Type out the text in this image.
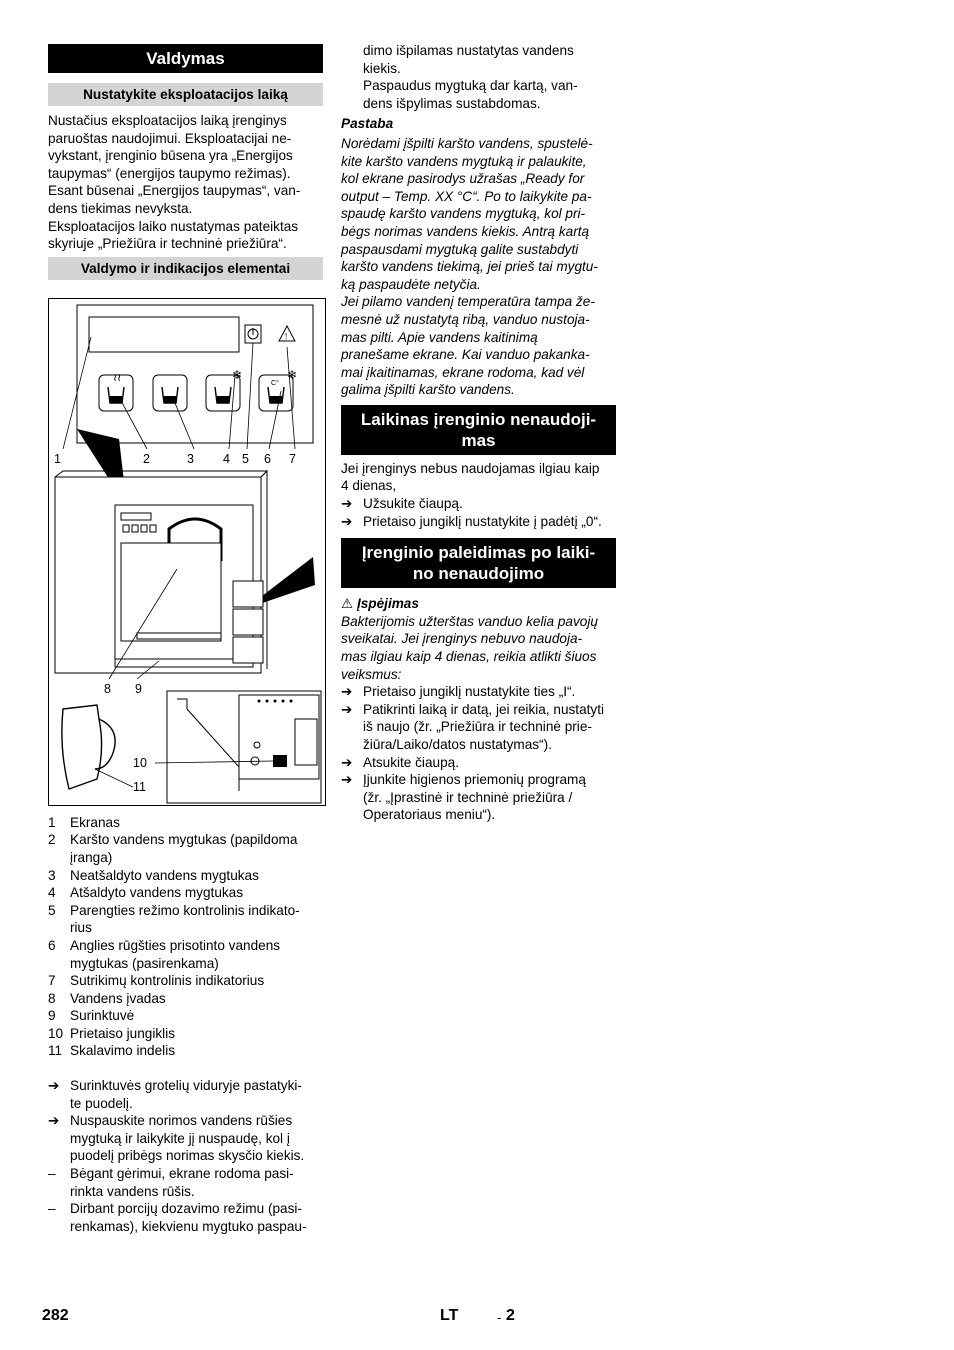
Valdymas
Nustatykite eksploatacijos laiką

Nustačius eksploatacijos laiką įrenginys

paruoštas naudojimui. Eksploatacijai ne-

vykstant, įrenginio būsena yra „Energijos

taupymas“ (energijos taupymo režimas).

Esant būsenai „Energijos taupymas“, van-

dens tiekimas nevyksta.

Eksploatacijos laiko nustatymas pateiktas

skyriuje „Priežiūra ir techninė priežiūra“.

Valdymo ir indikacijos elementai
!
≀≀	❄	❄
C°
1	2	3 4 5 6 7
8 9
10
11
1	Ekranas
2	Karšto vandens mygtukas (papildoma
įranga)
3	Neatšaldyto vandens mygtukas
4	Atšaldyto vandens mygtukas
5	Parengties režimo kontrolinis indikato-
rius
6	Anglies rūgšties prisotinto vandens
mygtukas (pasirenkama)
7	Sutrikimų kontrolinis indikatorius
8	Vandens įvadas
9	Surinktuvė
10 Prietaiso jungiklis
11 Skalavimo indelis
➔ Surinktuvės grotelių viduryje pastatyki-
te puodelį.
➔ Nuspauskite norimos vandens rūšies
mygtuką ir laikykite jį nuspaudę, kol į
puodelį pribėgs norimas skysčio kiekis.
–	Bėgant gėrimui, ekrane rodoma pasi-
rinkta vandens rūšis.
–	Dirbant porcijų dozavimo režimu (pasi-
renkamas), kiekvienu mygtuko paspau-

dimo išpilamas nustatytas vandens

kiekis.

Paspaudus mygtuką dar kartą, van-

dens išpylimas sustabdomas.

Pastaba

Norėdami įšpilti karšto vandens, spustelė-

kite karšto vandens mygtuką ir palaukite,

kol ekrane pasirodys užrašas „Ready for

output – Temp. XX °C“. Po to laikykite pa-

spaudę karšto vandens mygtuką, kol pri-

bėgs norimas vandens kiekis. Antrą kartą

paspausdami mygtuką galite sustabdyti

karšto vandens tiekimą, jei prieš tai mygtu-

ką paspaudėte netyčia.

Jei pilamo vandenį temperatūra tampa že-

mesnė už nustatytą ribą, vanduo nustoja-

mas pilti. Apie vandens kaitinimą

pranešame ekrane. Kai vanduo pakanka-

mai įkaitinamas, ekrane rodoma, kad vėl

galima įšpilti karšto vandens.

Laikinas įrenginio nenaudoji-
mas

Jei įrenginys nebus naudojamas ilgiau kaip

4 dienas,

➔ Užsukite čiaupą.
➔ Prietaiso jungiklį nustatykite į padėtį „0“.
Įrenginio paleidimas po laiki-
no nenaudojimo

⚠ Įspėjimas

Bakterijomis užterštas vanduo kelia pavojų

sveikatai. Jei įrenginys nebuvo naudoja-

mas ilgiau kaip 4 dienas, reikia atlikti šiuos

veiksmus:

➔ Prietaiso jungiklį nustatykite ties „I“.
➔ Patikrinti laiką ir datą, jei reikia, nustatyti
iš naujo (žr. „Priežiūra ir techninė prie-
žiūra/Laiko/datos nustatymas“).
➔ Atsukite čiaupą.
➔ Įjunkite higienos priemonių programą
(žr. „Įprastinė ir techninė priežiūra /
Operatoriaus meniu“).
282	LT	- 2
